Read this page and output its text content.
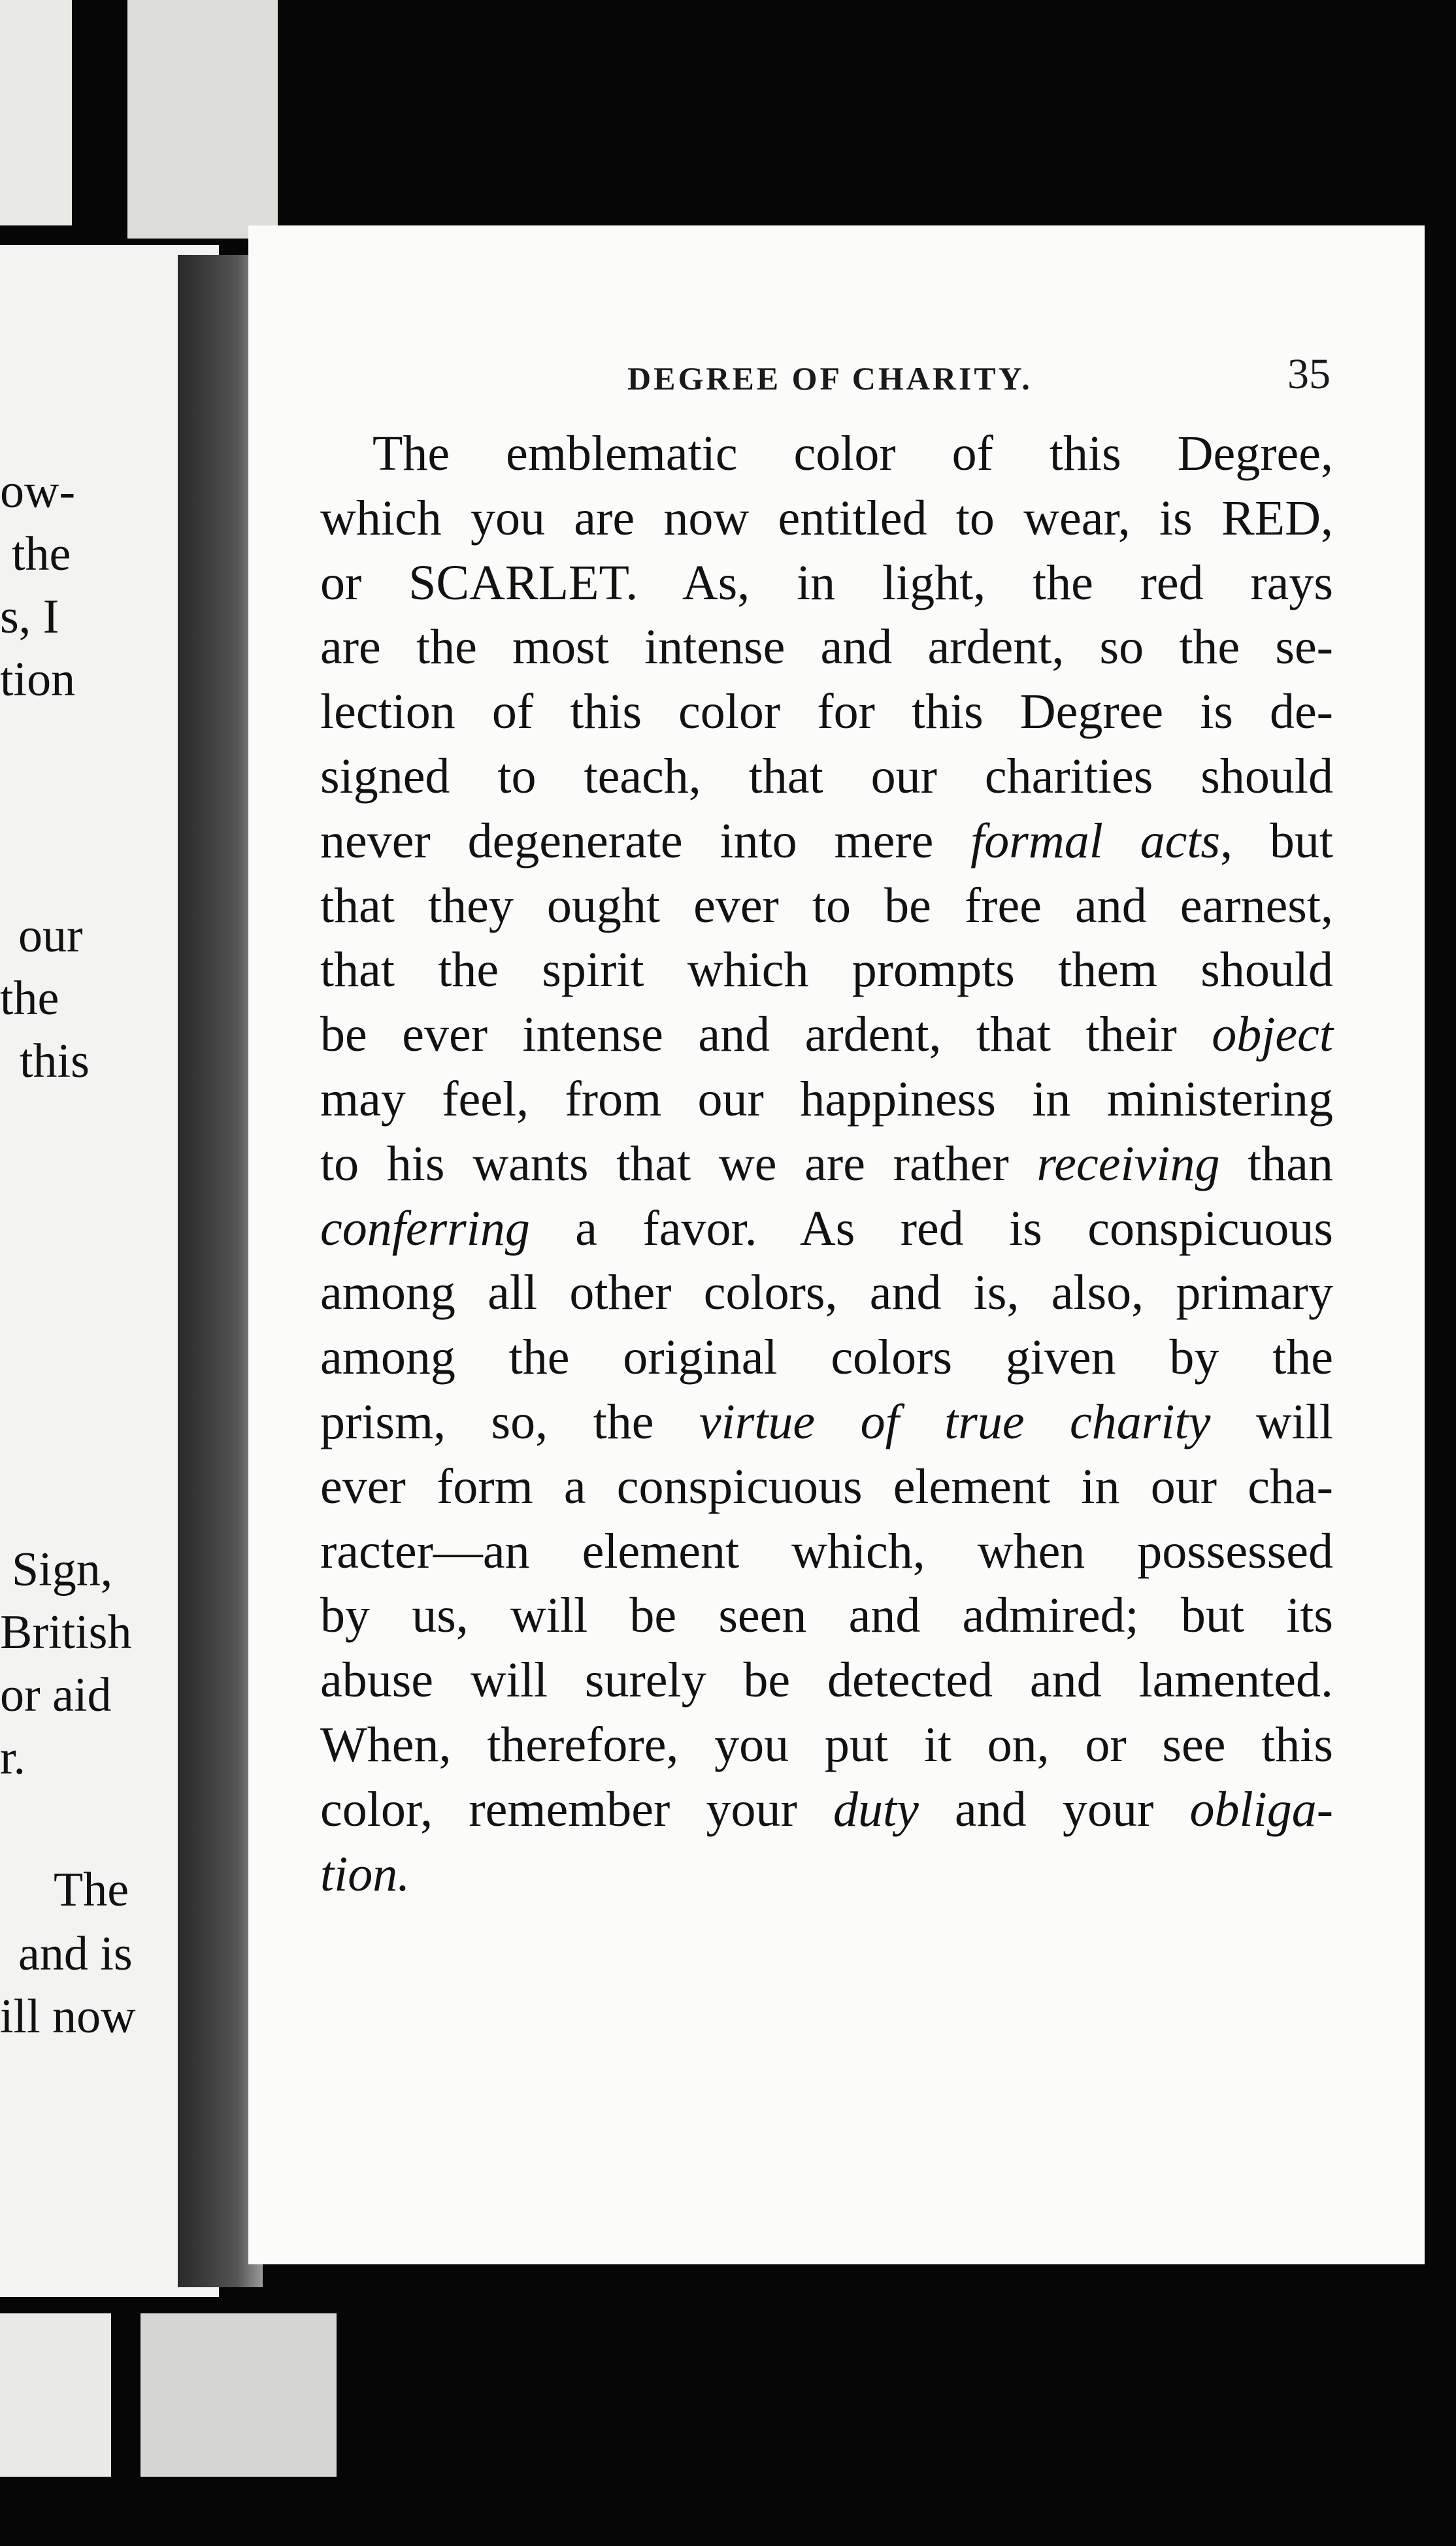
ow-
the
s, I
tion
our
the
this
Sign,
British
or aid
r.
The
and is
ill now
DEGREE OF CHARITY.	35
The emblematic color of this Degree,
which you are now entitled to wear, is RED,
or SCARLET. As, in light, the red rays
are the most intense and ardent, so the se-
lection of this color for this Degree is de-
signed to teach, that our charities should
never degenerate into mere formal acts, but
that they ought ever to be free and earnest,
that the spirit which prompts them should
be ever intense and ardent, that their object
may feel, from our happiness in ministering
to his wants that we are rather receiving than
conferring a favor. As red is conspicuous
among all other colors, and is, also, primary
among the original colors given by the
prism, so, the virtue of true charity will
ever form a conspicuous element in our cha-
racter—an element which, when possessed
by us, will be seen and admired; but its
abuse will surely be detected and lamented.
When, therefore, you put it on, or see this
color, remember your duty and your obliga-
tion.
